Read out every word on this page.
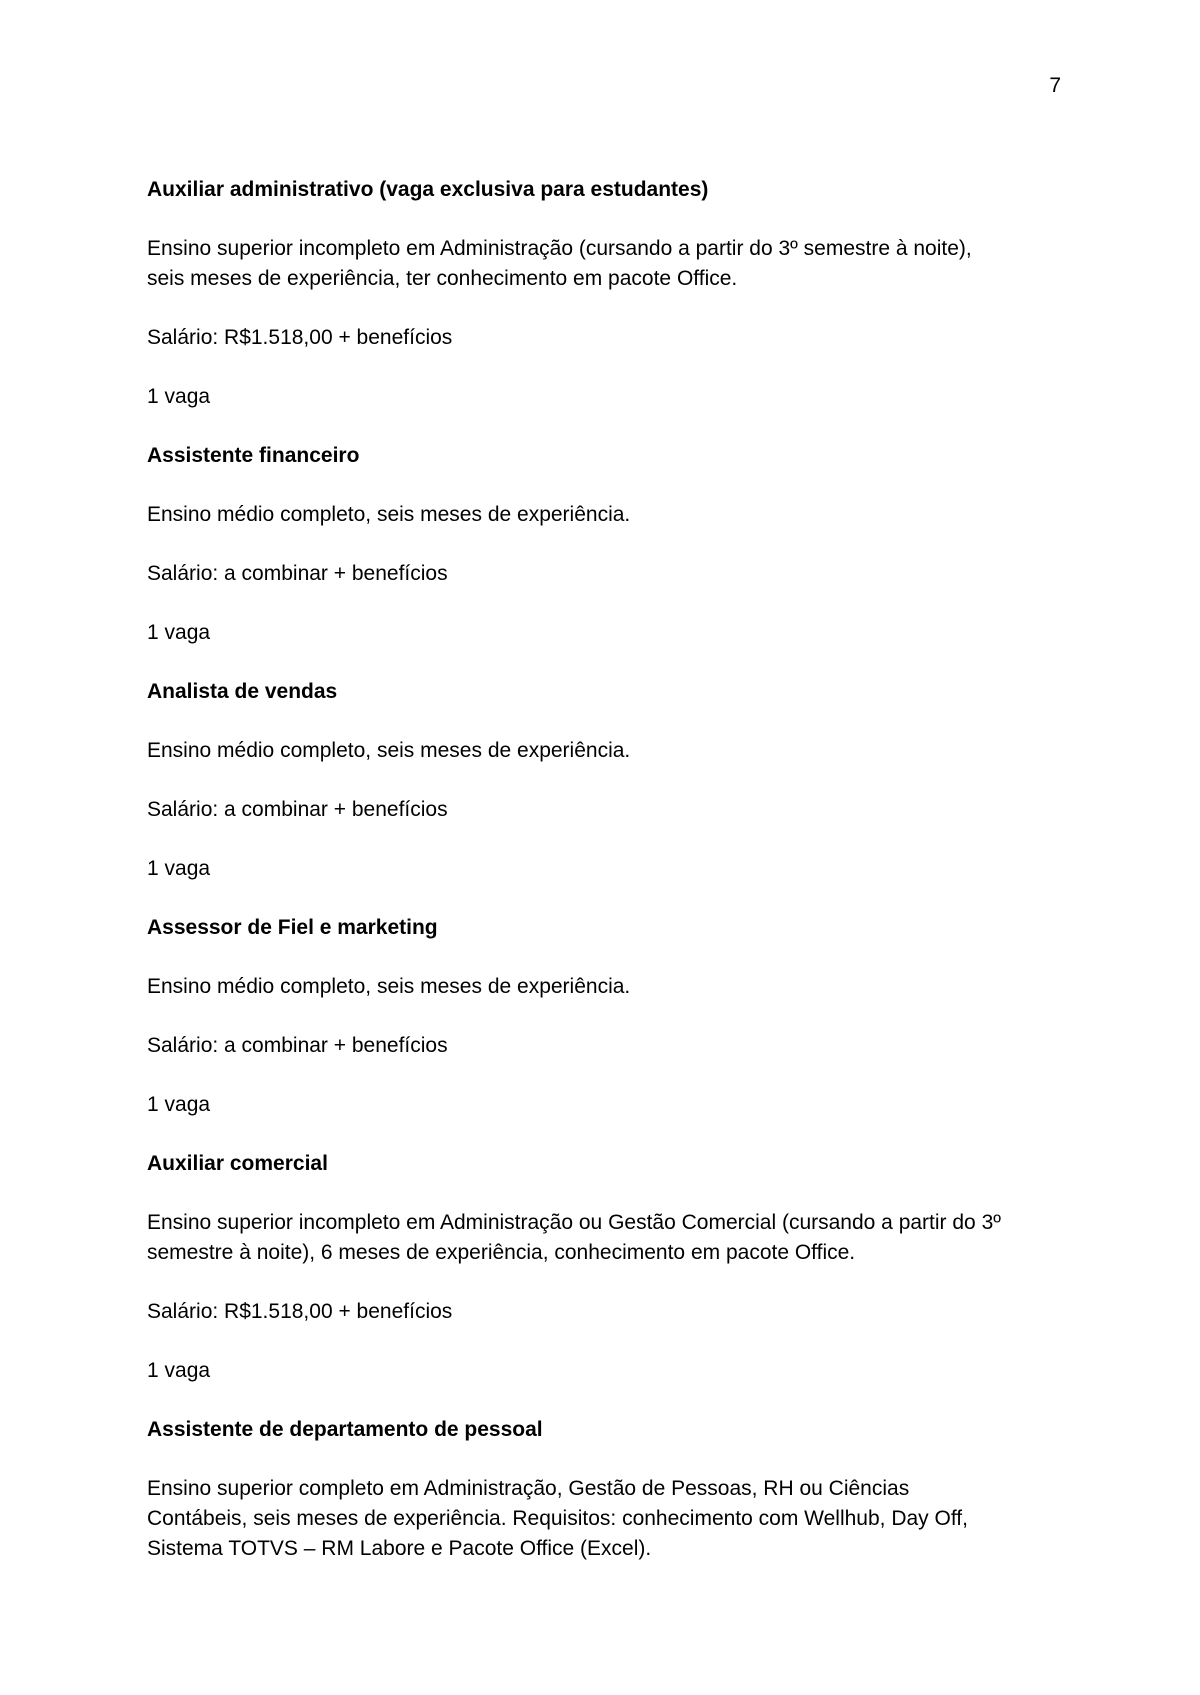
7

Auxiliar administrativo (vaga exclusiva para estudantes)

Ensino superior incompleto em Administração (cursando a partir do 3º semestre à noite),
seis meses de experiência, ter conhecimento em pacote Office.

Salário: R$1.518,00 + benefícios

1 vaga

Assistente financeiro

Ensino médio completo, seis meses de experiência.

Salário: a combinar + benefícios

1 vaga

Analista de vendas

Ensino médio completo, seis meses de experiência.

Salário: a combinar + benefícios

1 vaga

Assessor de Fiel e marketing

Ensino médio completo, seis meses de experiência.

Salário: a combinar + benefícios

1 vaga

Auxiliar comercial

Ensino superior incompleto em Administração ou Gestão Comercial (cursando a partir do 3º
semestre à noite), 6 meses de experiência, conhecimento em pacote Office.

Salário: R$1.518,00 + benefícios

1 vaga

Assistente de departamento de pessoal

Ensino superior completo em Administração, Gestão de Pessoas, RH ou Ciências
Contábeis, seis meses de experiência. Requisitos: conhecimento com Wellhub, Day Off,
Sistema TOTVS – RM Labore e Pacote Office (Excel).
